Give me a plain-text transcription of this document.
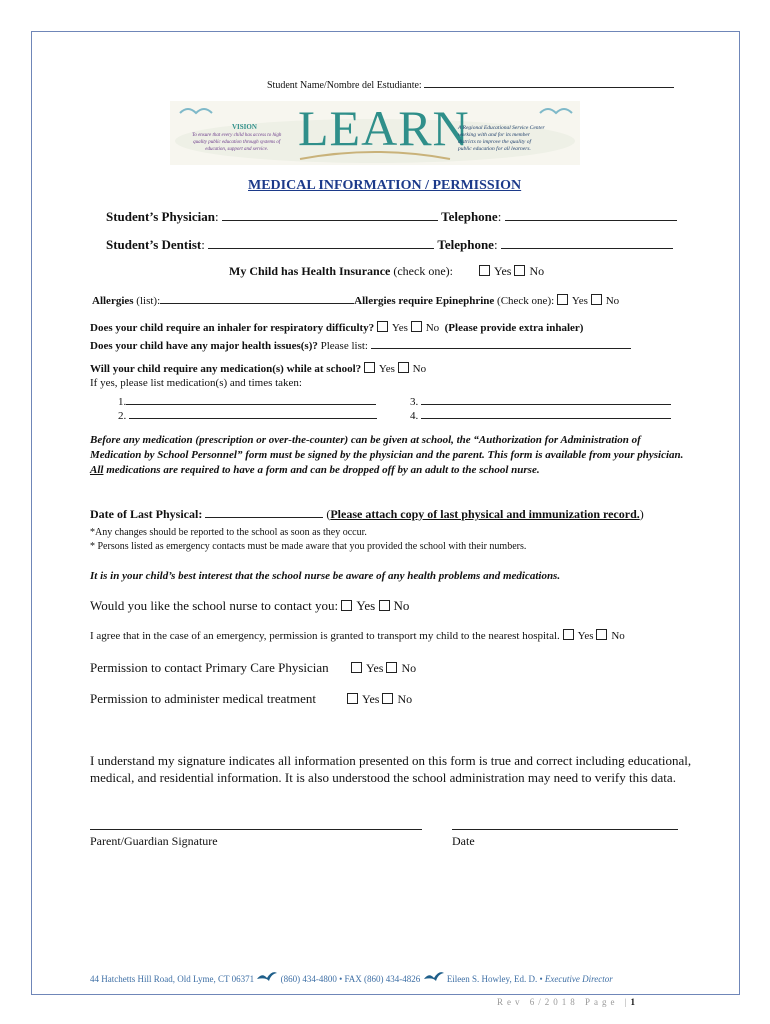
Student Name/Nombre del Estudiante:
VISION
To ensure that every child has access to high
quality public education through systems of
education, support and service. LEARN
A Regional Educational Service Center
working with and for its member
districts to improve the quality of
public education for all learners.
MEDICAL INFORMATION / PERMISSION
Student’s Physician:	Telephone:
Student’s Dentist:	Telephone:
My Child has Health Insurance (check one):	Yes No
Allergies (list):	Allergies require Epinephrine (Check one): Yes No
Does your child require an inhaler for respiratory difficulty? Yes No (Please provide extra inhaler)
Does your child have any major health issues(s)? Please list:
Will your child require any medication(s) while at school? Yes No
If yes, please list medication(s) and times taken:
1.
2.
3.
4.
Before any medication (prescription or over-the-counter) can be given at school, the “Authorization for Administration of Medication by School Personnel” form must be signed by the physician and the parent. This form is available from your physician. All medications are required to have a form and can be dropped off by an adult to the school nurse.
Date of Last Physical:	(Please attach copy of last physical and immunization record.)
*Any changes should be reported to the school as soon as they occur.
* Persons listed as emergency contacts must be made aware that you provided the school with their numbers.
It is in your child’s best interest that the school nurse be aware of any health problems and medications.
Would you like the school nurse to contact you: Yes No
I agree that in the case of an emergency, permission is granted to transport my child to the nearest hospital. Yes No
Permission to contact Primary Care Physician	Yes No
Permission to administer medical treatment	Yes No
I understand my signature indicates all information presented on this form is true and correct including educational, medical, and residential information. It is also understood the school administration may need to verify this data.
Parent/Guardian Signature	Date
44 Hatchetts Hill Road, Old Lyme, CT 06371	(860) 434-4800 • FAX (860) 434-4826	Eileen S. Howley, Ed. D. • Executive Director
Rev 6/2018 Page |1
